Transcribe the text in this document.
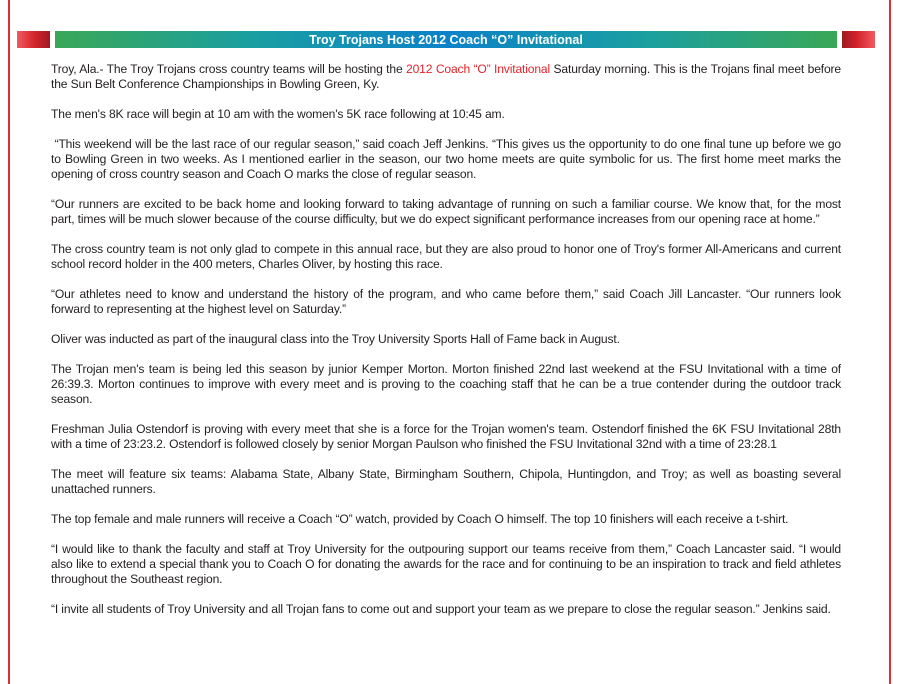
Troy Trojans Host 2012 Coach “O” Invitational

Troy, Ala.- The Troy Trojans cross country teams will be hosting the 2012 Coach “O” Invitational Saturday morning. This is the Trojans final meet before the Sun Belt Conference Championships in Bowling Green, Ky.

The men's 8K race will begin at 10 am with the women's 5K race following at 10:45 am.

“This weekend will be the last race of our regular season,” said coach Jeff Jenkins. “This gives us the opportunity to do one final tune up before we go to Bowling Green in two weeks. As I mentioned earlier in the season, our two home meets are quite symbolic for us. The first home meet marks the opening of cross country season and Coach O marks the close of regular season.

“Our runners are excited to be back home and looking forward to taking advantage of running on such a familiar course. We know that, for the most part, times will be much slower because of the course difficulty, but we do expect significant performance increases from our opening race at home.”

The cross country team is not only glad to compete in this annual race, but they are also proud to honor one of Troy's former All-Americans and current school record holder in the 400 meters, Charles Oliver, by hosting this race.

“Our athletes need to know and understand the history of the program, and who came before them,” said Coach Jill Lancaster. “Our runners look forward to representing at the highest level on Saturday.”

Oliver was inducted as part of the inaugural class into the Troy University Sports Hall of Fame back in August.

The Trojan men's team is being led this season by junior Kemper Morton. Morton finished 22nd last weekend at the FSU Invitational with a time of 26:39.3. Morton continues to improve with every meet and is proving to the coaching staff that he can be a true contender during the outdoor track season.

Freshman Julia Ostendorf is proving with every meet that she is a force for the Trojan women's team. Ostendorf finished the 6K FSU Invitational 28th with a time of 23:23.2. Ostendorf is followed closely by senior Morgan Paulson who finished the FSU Invitational 32nd with a time of 23:28.1

The meet will feature six teams: Alabama State, Albany State, Birmingham Southern, Chipola, Huntingdon, and Troy; as well as boasting several unattached runners.

The top female and male runners will receive a Coach “O” watch, provided by Coach O himself. The top 10 finishers will each receive a t-shirt.

“I would like to thank the faculty and staff at Troy University for the outpouring support our teams receive from them,” Coach Lancaster said. “I would also like to extend a special thank you to Coach O for donating the awards for the race and for continuing to be an inspiration to track and field athletes throughout the Southeast region.

“I invite all students of Troy University and all Trojan fans to come out and support your team as we prepare to close the regular season.” Jenkins said.
